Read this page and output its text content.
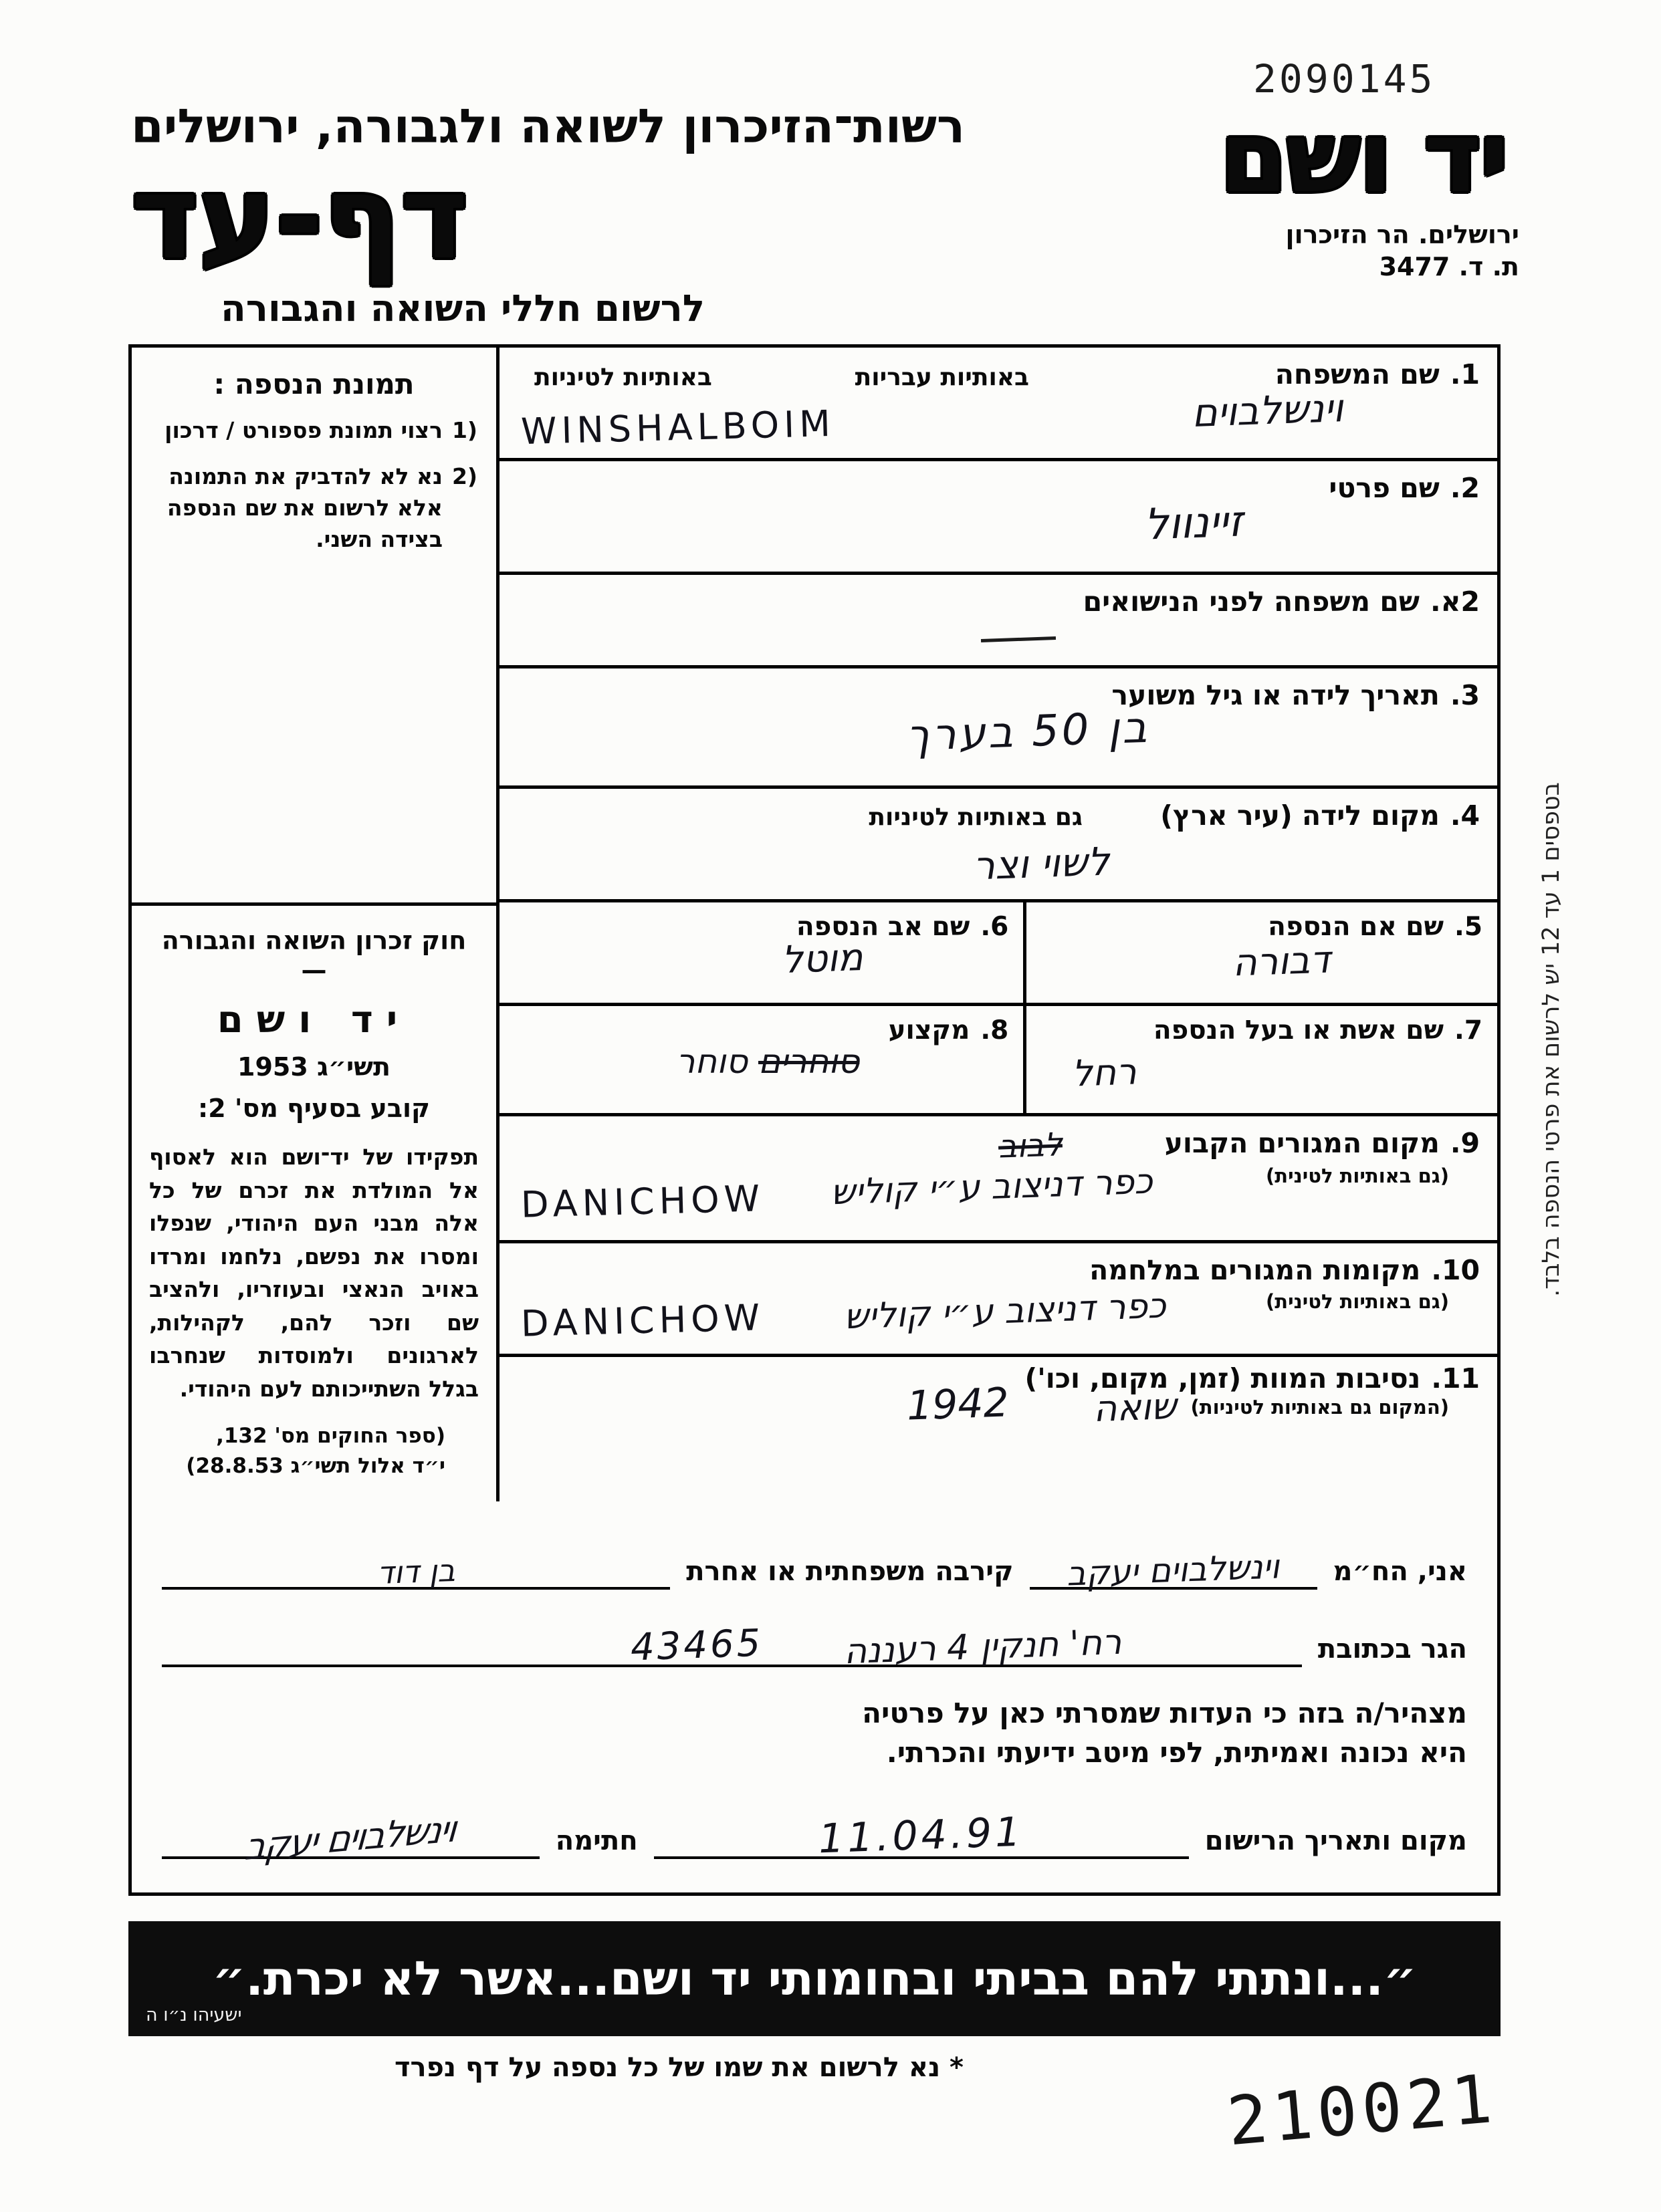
2090145
יד ושם
ירושלים. הר הזיכרון
ת. ד. 3477
רשות־הזיכרון לשואה ולגבורה, ירושלים
דף-עד
לרשום חללי השואה והגבורה
בטפסים 1 עד 12 יש לרשום את פרטי הנספה בלבד.
1.שם המשפחה
באותיות עבריות
באותיות לטיניות
וינשלבוים
WINSHALBOIM
2.שם פרטי
זיינוול
2א.שם משפחה לפני הנישואים
3.תאריך לידה או גיל משוער
בן 50 בערך
4.מקום לידה (עיר ארץ)
גם באותיות לטיניות
לשוי וצר
5.שם אם הנספה
דבורה
6.שם אב הנספה
מוטל
7.שם אשת או בעל הנספה
רחל
8.מקצוע
סוחרים סוחר
9.מקום המגורים הקבוע
(גם באותיות לטינית)
לבוב
כפר דניצוב ע״י קוליש
DANICHOW
10.מקומות המגורים במלחמה
(גם באותיות לטינית)
כפר דניצוב ע״י קוליש
DANICHOW
11.נסיבות המוות (זמן, מקום, וכו')
(המקום גם באותיות לטיניות)
שואה
1942
תמונת הנספה :
1)
רצוי תמונת פספורט / דרכון
2)
נא לא להדביק את התמונה אלא לרשום את שם הנספה בצידה השני.
חוק זכרון השואה והגבורה —
יד ושם
תשי״ג 1953
קובע בסעיף מס' 2:
תפקידו של יד־ושם הוא לאסוף אל המולדת את זכרם של כל אלה מבני העם היהודי, שנפלו ומסרו את נפשם, נלחמו ומרדו באויב הנאצי ובעוזריו, ולהציב שם וזכר להם, לקהילות, לארגונים ולמוסדות שנחרבו בגלל השתייכותם לעם היהודי.
(ספר החוקים מס' 132,
י״ד אלול תשי״ג 28.8.53)
אני, הח״מ
וינשלבוים יעקב
קירבה משפחתית או אחרת
בן דוד
הגר בכתובת
רח' חנקין 4 רעננה
43465
מצהיר/ה בזה כי העדות שמסרתי כאן על פרטיה
היא נכונה ואמיתית, לפי מיטב ידיעתי והכרתי.
מקום ותאריך הרישום
11.04.91
חתימה
וינשלבוים יעקב
״...ונתתי להם בביתי ובחומותי יד ושם...אשר לא יכרת.״
ישעיהו נ״ו ה
* נא לרשום את שמו של כל נספה על דף נפרד	210021
